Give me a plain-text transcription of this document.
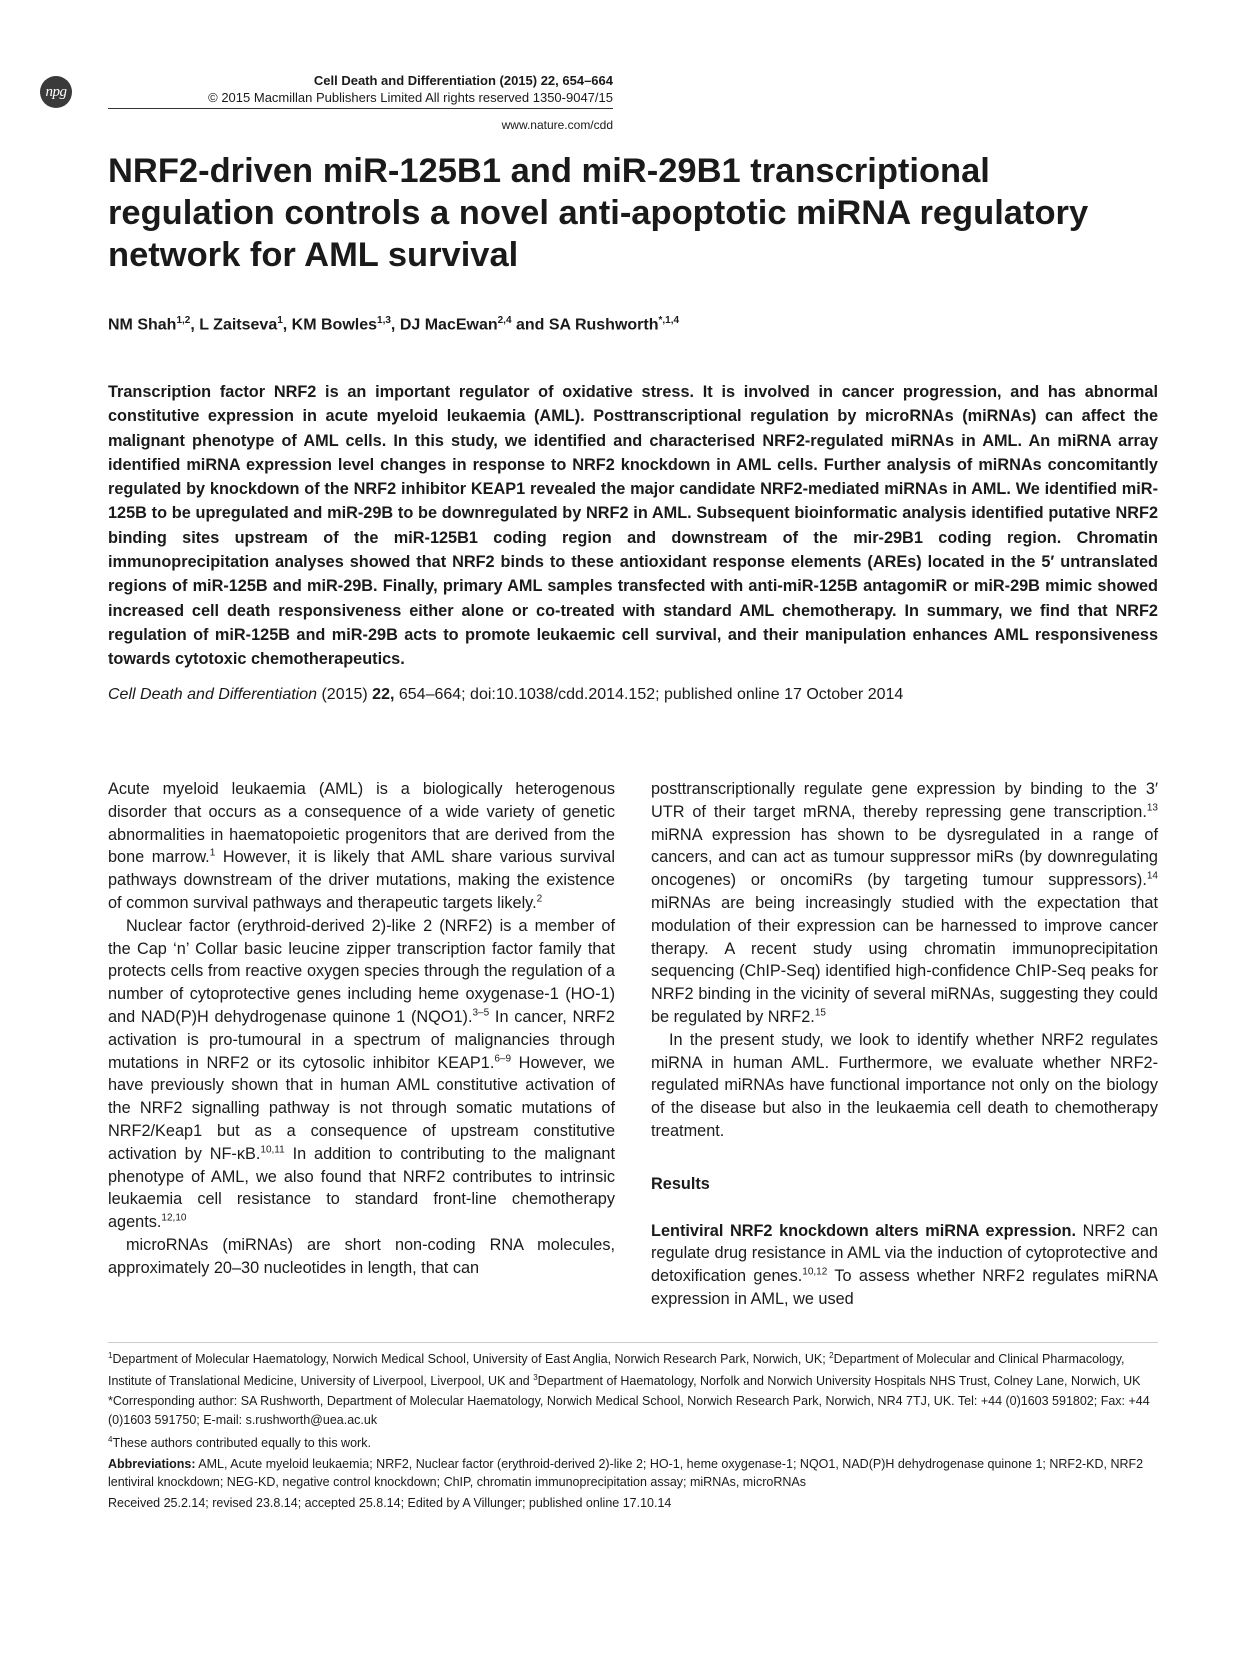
npg
Cell Death and Differentiation (2015) 22, 654–664
© 2015 Macmillan Publishers Limited All rights reserved 1350-9047/15
www.nature.com/cdd
NRF2-driven miR-125B1 and miR-29B1 transcriptional regulation controls a novel anti-apoptotic miRNA regulatory network for AML survival

NM Shah$^{1,2}$, L Zaitseva$^1$, KM Bowles$^{1,3}$, DJ MacEwan$^{2,4}$ and SA Rushworth$^{*,1,4}$

Transcription factor NRF2 is an important regulator of oxidative stress. It is involved in cancer progression, and has abnormal constitutive expression in acute myeloid leukaemia (AML). Posttranscriptional regulation by microRNAs (miRNAs) can affect the malignant phenotype of AML cells. In this study, we identified and characterised NRF2-regulated miRNAs in AML. An miRNA array identified miRNA expression level changes in response to NRF2 knockdown in AML cells. Further analysis of miRNAs concomitantly regulated by knockdown of the NRF2 inhibitor KEAP1 revealed the major candidate NRF2-mediated miRNAs in AML. We identified miR-125B to be upregulated and miR-29B to be downregulated by NRF2 in AML. Subsequent bioinformatic analysis identified putative NRF2 binding sites upstream of the miR-125B1 coding region and downstream of the mir-29B1 coding region. Chromatin immunoprecipitation analyses showed that NRF2 binds to these antioxidant response elements (AREs) located in the 5′ untranslated regions of miR-125B and miR-29B. Finally, primary AML samples transfected with anti-miR-125B antagomiR or miR-29B mimic showed increased cell death responsiveness either alone or co-treated with standard AML chemotherapy. In summary, we find that NRF2 regulation of miR-125B and miR-29B acts to promote leukaemic cell survival, and their manipulation enhances AML responsiveness towards cytotoxic chemotherapeutics.

Cell Death and Differentiation (2015) 22, 654–664; doi:10.1038/cdd.2014.152; published online 17 October 2014

Acute myeloid leukaemia (AML) is a biologically heterogenous disorder that occurs as a consequence of a wide variety of genetic abnormalities in haematopoietic progenitors that are derived from the bone marrow.$^1$ However, it is likely that AML share various survival pathways downstream of the driver mutations, making the existence of common survival pathways and therapeutic targets likely.$^2$

Nuclear factor (erythroid-derived 2)-like 2 (NRF2) is a member of the Cap ‘n’ Collar basic leucine zipper transcription factor family that protects cells from reactive oxygen species through the regulation of a number of cytoprotective genes including heme oxygenase-1 (HO-1) and NAD(P)H dehydrogenase quinone 1 (NQO1).$^{3-5}$ In cancer, NRF2 activation is pro-tumoural in a spectrum of malignancies through mutations in NRF2 or its cytosolic inhibitor KEAP1.$^{6-9}$ However, we have previously shown that in human AML constitutive activation of the NRF2 signalling pathway is not through somatic mutations of NRF2/Keap1 but as a consequence of upstream constitutive activation by NF-κB.$^{10,11}$ In addition to contributing to the malignant phenotype of AML, we also found that NRF2 contributes to intrinsic leukaemia cell resistance to standard front-line chemotherapy agents.$^{12,10}$

microRNAs (miRNAs) are short non-coding RNA molecules, approximately 20–30 nucleotides in length, that can

posttranscriptionally regulate gene expression by binding to the 3′ UTR of their target mRNA, thereby repressing gene transcription.$^{13}$ miRNA expression has shown to be dysregulated in a range of cancers, and can act as tumour suppressor miRs (by downregulating oncogenes) or oncomiRs (by targeting tumour suppressors).$^{14}$ miRNAs are being increasingly studied with the expectation that modulation of their expression can be harnessed to improve cancer therapy. A recent study using chromatin immunoprecipitation sequencing (ChIP-Seq) identified high-confidence ChIP-Seq peaks for NRF2 binding in the vicinity of several miRNAs, suggesting they could be regulated by NRF2.15

In the present study, we look to identify whether NRF2 regulates miRNA in human AML. Furthermore, we evaluate whether NRF2-regulated miRNAs have functional importance not only on the biology of the disease but also in the leukaemia cell death to chemotherapy treatment.

Results

Lentiviral NRF2 knockdown alters miRNA expression. NRF2 can regulate drug resistance in AML via the induction of cytoprotective and detoxification genes.$^{10,12}$ To assess whether NRF2 regulates miRNA expression in AML, we used

$^1$Department of Molecular Haematology, Norwich Medical School, University of East Anglia, Norwich Research Park, Norwich, UK; $^2$Department of Molecular and Clinical Pharmacology, Institute of Translational Medicine, University of Liverpool, Liverpool, UK and $^3$Department of Haematology, Norfolk and Norwich University Hospitals NHS Trust, Colney Lane, Norwich, UK

*Corresponding author: SA Rushworth, Department of Molecular Haematology, Norwich Medical School, Norwich Research Park, Norwich, NR4 7TJ, UK. Tel: +44 (0)1603 591802; Fax: +44 (0)1603 591750; E-mail: s.rushworth@uea.ac.uk

$^4$These authors contributed equally to this work.

Abbreviations: AML, Acute myeloid leukaemia; NRF2, Nuclear factor (erythroid-derived 2)-like 2; HO-1, heme oxygenase-1; NQO1, NAD(P)H dehydrogenase quinone 1; NRF2-KD, NRF2 lentiviral knockdown; NEG-KD, negative control knockdown; ChIP, chromatin immunoprecipitation assay; miRNAs, microRNAs

Received 25.2.14; revised 23.8.14; accepted 25.8.14; Edited by A Villunger; published online 17.10.14
